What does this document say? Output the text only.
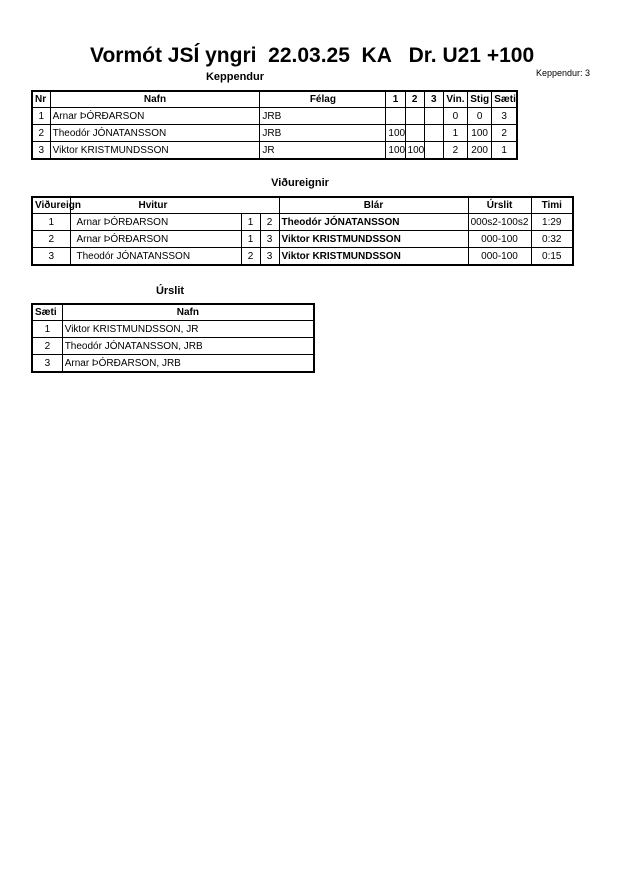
Vormót JSÍ yngri  22.03.25  KA   Dr. U21 +100
Keppendur: 3
Keppendur
Nr	Nafn	Félag	1	2	3	Vin.	Stig	Sæti
1	Arnar ÞÓRÐARSON	JRB				0	0	3
2	Theodór JÓNATANSSON	JRB	100			1	100	2
3	Viktor KRISTMUNDSSON	JR	100	100		2	200	1
Viðureignir
Viðureign	Hvitur			Blár	Úrslit	Timi
1	Arnar ÞÓRÐARSON	1	2	Theodór JÓNATANSSON	000s2-100s2	1:29
2	Arnar ÞÓRÐARSON	1	3	Viktor KRISTMUNDSSON	000-100	0:32
3	Theodór JÓNATANSSON	2	3	Viktor KRISTMUNDSSON	000-100	0:15
Úrslit
Sæti	Nafn
1	Viktor KRISTMUNDSSON, JR
2	Theodór JÓNATANSSON, JRB
3	Arnar ÞÓRÐARSON, JRB
